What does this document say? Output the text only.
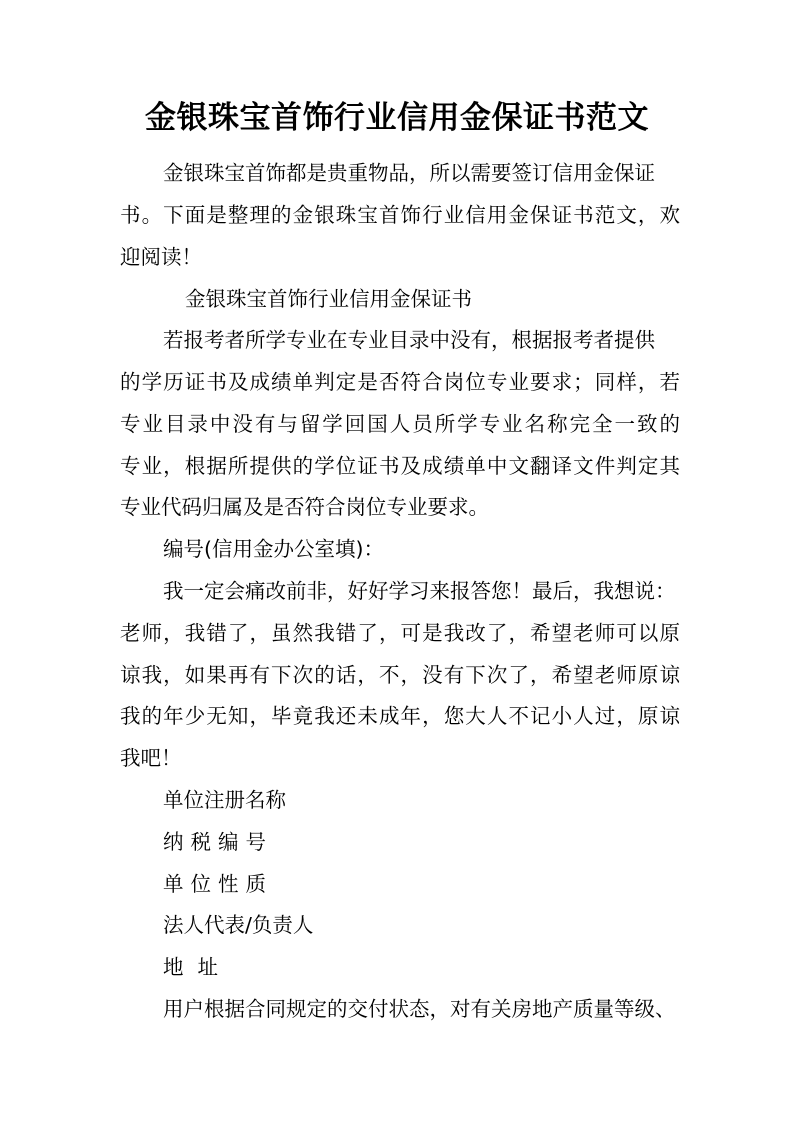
金银珠宝首饰行业信用金保证书范文
金银珠宝首饰都是贵重物品，所以需要签订信用金保证
书。下面是整理的金银珠宝首饰行业信用金保证书范文，欢
迎阅读！
金银珠宝首饰行业信用金保证书
若报考者所学专业在专业目录中没有，根据报考者提供
的学历证书及成绩单判定是否符合岗位专业要求；同样，若
专业目录中没有与留学回国人员所学专业名称完全一致的
专业，根据所提供的学位证书及成绩单中文翻译文件判定其
专业代码归属及是否符合岗位专业要求。
编号(信用金办公室填)：
我一定会痛改前非，好好学习来报答您！最后，我想说：
老师，我错了，虽然我错了，可是我改了，希望老师可以原
谅我，如果再有下次的话，不，没有下次了，希望老师原谅
我的年少无知，毕竟我还未成年，您大人不记小人过，原谅
我吧！
单位注册名称
纳税编号
单位性质
法人代表/负责人
地址
用户根据合同规定的交付状态，对有关房地产质量等级、
